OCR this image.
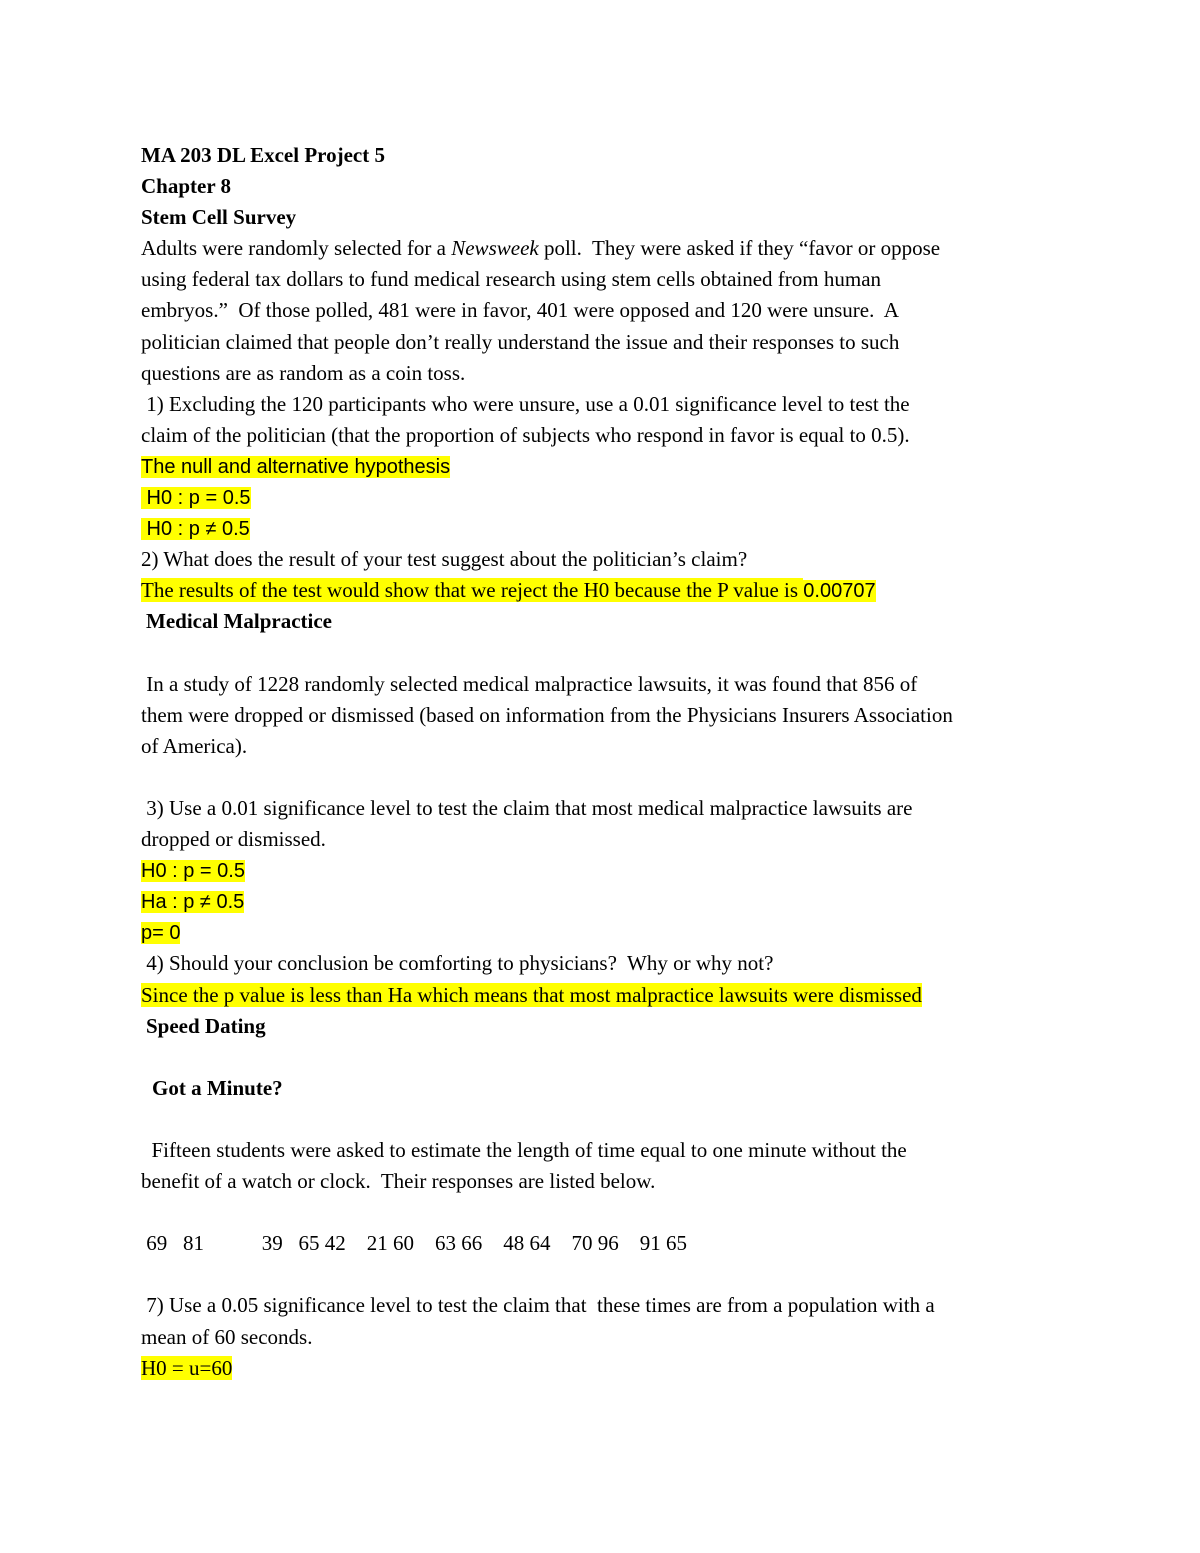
MA 203 DL Excel Project 5
Chapter 8
Stem Cell Survey
Adults were randomly selected for a Newsweek poll.  They were asked if they “favor or oppose
using federal tax dollars to fund medical research using stem cells obtained from human
embryos.”  Of those polled, 481 were in favor, 401 were opposed and 120 were unsure.  A
politician claimed that people don’t really understand the issue and their responses to such
questions are as random as a coin toss.
1) Excluding the 120 participants who were unsure, use a 0.01 significance level to test the
claim of the politician (that the proportion of subjects who respond in favor is equal to 0.5).
The null and alternative hypothesis
H0 : p = 0.5
H0 : p ≠ 0.5
2) What does the result of your test suggest about the politician’s claim?
The results of the test would show that we reject the H0 because the P value is 0.00707
Medical Malpractice
In a study of 1228 randomly selected medical malpractice lawsuits, it was found that 856 of
them were dropped or dismissed (based on information from the Physicians Insurers Association
of America).
3) Use a 0.01 significance level to test the claim that most medical malpractice lawsuits are
dropped or dismissed.
H0 : p = 0.5
Ha : p ≠ 0.5
p= 0
4) Should your conclusion be comforting to physicians?  Why or why not?
Since the p value is less than Ha which means that most malpractice lawsuits were dismissed
Speed Dating
Got a Minute?
Fifteen students were asked to estimate the length of time equal to one minute without the
benefit of a watch or clock.  Their responses are listed below.
69   81           39   65 42    21 60    63 66    48 64    70 96    91 65
7) Use a 0.05 significance level to test the claim that  these times are from a population with a
mean of 60 seconds.
H0 = u=60
